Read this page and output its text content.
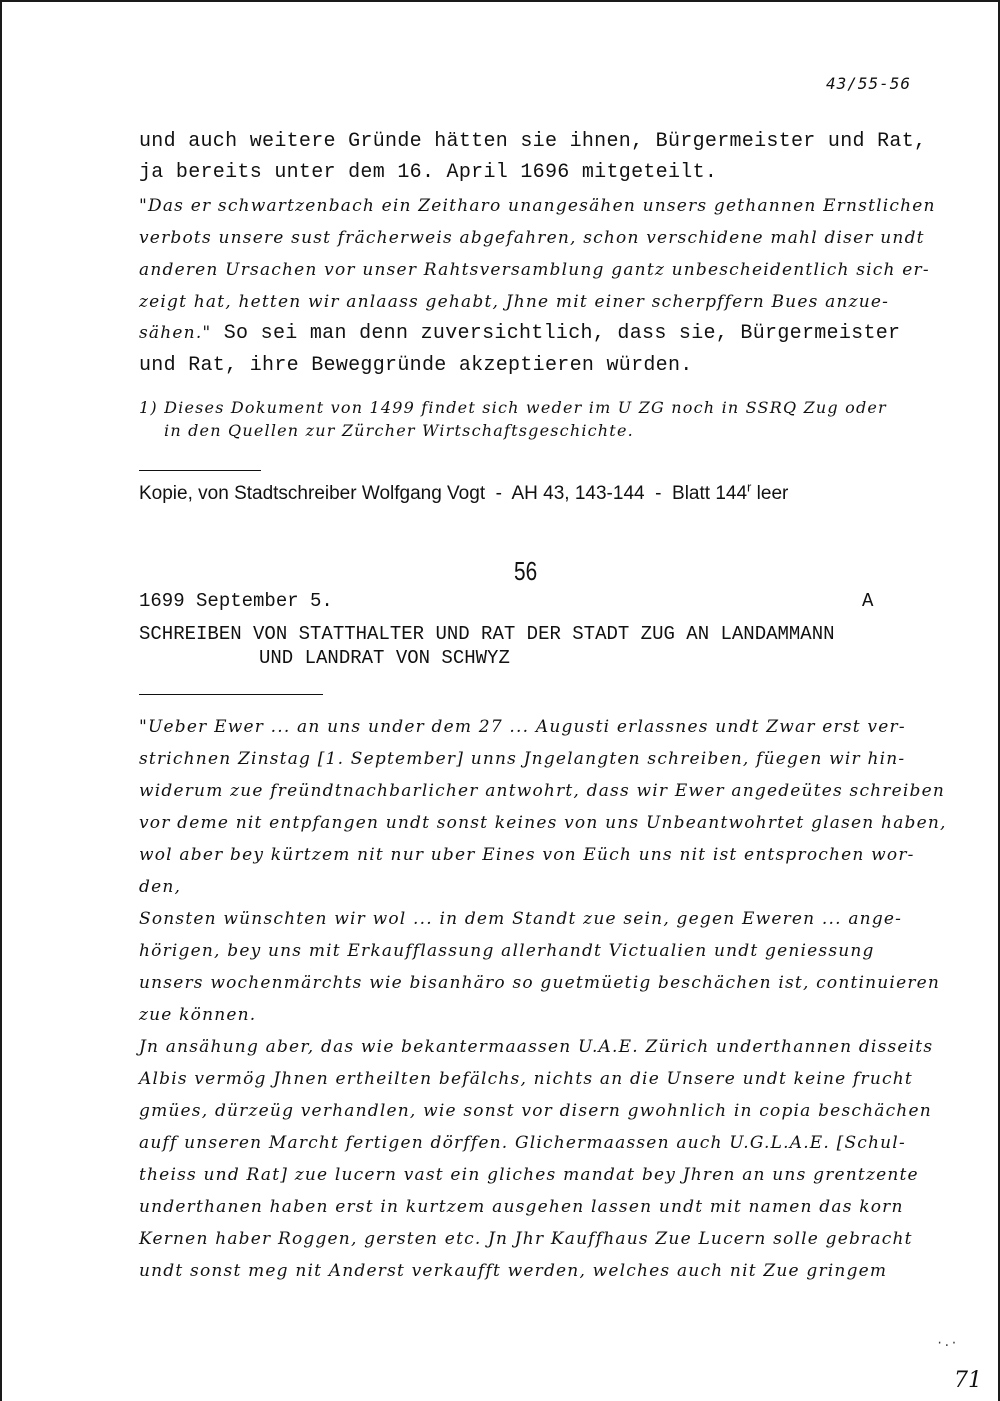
43/55-56
und auch weitere Gründe hätten sie ihnen, Bürgermeister und Rat,
ja bereits unter dem 16. April 1696 mitgeteilt.
"Das er schwartzenbach ein Zeitharo unangesähen unsers gethannen Ernstlichen
verbots unsere sust frächerweis abgefahren, schon verschidene mahl diser undt
anderen Ursachen vor unser Rahtsversamblung gantz unbescheidentlich sich er-
zeigt hat, hetten wir anlaass gehabt, Jhne mit einer scherpffern Bues anzue-
sähen." So sei man denn zuversichtlich, dass sie, Bürgermeister
und Rat, ihre Beweggründe akzeptieren würden.
1) Dieses Dokument von 1499 findet sich weder im U ZG noch in SSRQ Zug oder
in den Quellen zur Zürcher Wirtschaftsgeschichte.
Kopie, von Stadtschreiber Wolfgang Vogt  -  AH 43, 143-144  -  Blatt 144$^r$ leer
56
1699 September 5.	A
SCHREIBEN VON STATTHALTER UND RAT DER STADT ZUG AN LANDAMMANN
UND LANDRAT VON SCHWYZ
"Ueber Ewer ... an uns under dem 27 ... Augusti erlassnes undt Zwar erst ver-
strichnen Zinstag [1. September] unns Jngelangten schreiben, füegen wir hin-
widerum zue freündtnachbarlicher antwohrt, dass wir Ewer angedeütes schreiben
vor deme nit entpfangen undt sonst keines von uns Unbeantwohrtet glasen haben,
wol aber bey kürtzem nit nur uber Eines von Eüch uns nit ist entsprochen wor-
den,
Sonsten wünschten wir wol ... in dem Standt zue sein, gegen Eweren ... ange-
hörigen, bey uns mit Erkaufflassung allerhandt Victualien undt geniessung
unsers wochenmärchts wie bisanhäro so guetmüetig beschächen ist, continuieren
zue können.
Jn ansähung aber, das wie bekantermaassen U.A.E. Zürich underthannen disseits
Albis vermög Jhnen ertheilten befälchs, nichts an die Unsere undt keine frucht
gmües, dürzeüg verhandlen, wie sonst vor disern gwohnlich in copia beschächen
auff unseren Marcht fertigen dörffen. Glichermaassen auch U.G.L.A.E. [Schul-
theiss und Rat] zue lucern vast ein gliches mandat bey Jhren an uns grentzente
underthanen haben erst in kurtzem ausgehen lassen undt mit namen das korn
Kernen haber Roggen, gersten etc. Jn Jhr Kauffhaus Zue Lucern solle gebracht
undt sonst meg nit Anderst verkaufft werden, welches auch nit Zue gringem
·.·
71
